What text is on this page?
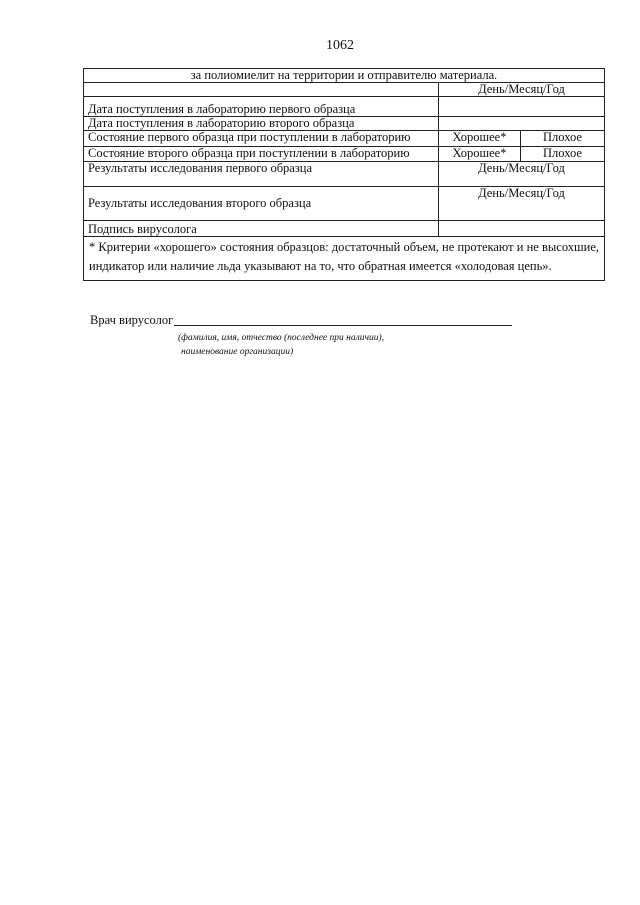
1062
за полиомиелит на территории и отправителю материала.		
	День/Месяц/Год	
Дата поступления в лабораторию первого образца		
Дата поступления в лабораторию второго образца		
Состояние первого образца при поступлении в лабораторию	Хорошее*	Плохое
Состояние второго образца при поступлении в лабораторию	Хорошее*	Плохое
Результаты исследования первого образца	День/Месяц/Год	
Результаты исследования второго образца	День/Месяц/Год	
Подпись вирусолога		
* Критерии «хорошего» состояния образцов: достаточный объем, не протекают и не высохшие, индикатор или наличие льда указывают на то, что обратная имеется «холодовая цепь».		
Врач вирусолог
(фамилия, имя, отчество (последнее при наличии),
наименование организации)
